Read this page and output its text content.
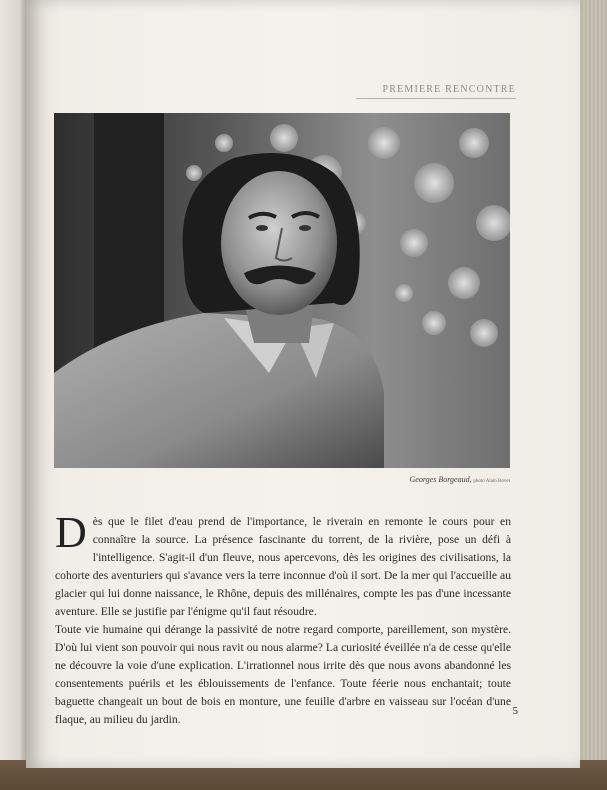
PREMIERE RENCONTRE
Georges Borgeaud, photo Alain Bovet

Dès que le filet d'eau prend de l'importance, le riverain en remonte le cours pour en connaître la source. La présence fascinante du torrent, de la rivière, pose un défi à l'intelligence. S'agit-il d'un fleuve, nous apercevons, dès les origines des civilisations, la cohorte des aventuriers qui s'avance vers la terre inconnue d'où il sort. De la mer qui l'accueille au glacier qui lui donne naissance, le Rhône, depuis des millénaires, compte les pas d'une incessante aventure. Elle se justifie par l'énigme qu'il faut résoudre.

Toute vie humaine qui dérange la passivité de notre regard comporte, pareillement, son mystère. D'où lui vient son pouvoir qui nous ravit ou nous alarme? La curiosité éveillée n'a de cesse qu'elle ne découvre la voie d'une explication. L'irrationnel nous irrite dès que nous avons abandonné les consentements puérils et les éblouissements de l'enfance. Toute féerie nous enchantait; toute baguette changeait un bout de bois en monture, une feuille d'arbre en vaisseau sur l'océan d'une flaque, au milieu du jardin.

5
